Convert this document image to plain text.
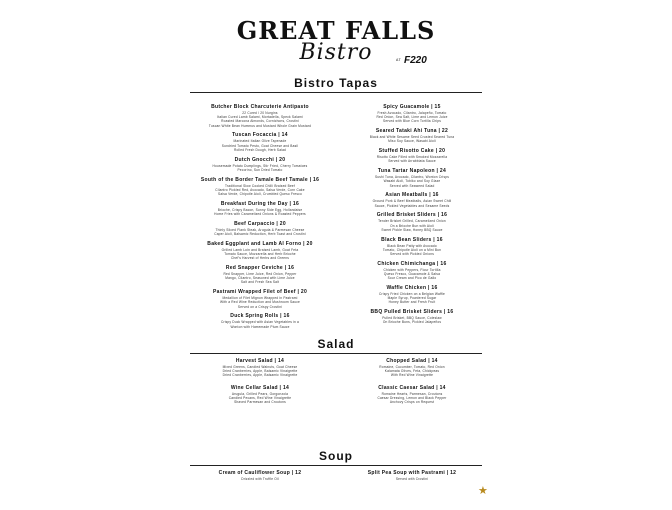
GREAT FALLS
Bistro	AT F220
Bistro Tapas
Butcher Block Charcuterie Antipasto
22 Cured / 20 Nurgins
Italian Cured Lamb Salami, Mortadella, Speck Salami
Roasted Marcona Almonds, Cornichons, Crostini
Tuscan White Bean Hummus and Mustard Whole Grain Mustard
Tuscan Focaccia | 14
Marinated Italian Olive Tapenade
Sundried Tomato Pesto, Goat Cheese and Basil
Rolled Fresh Dough, Herb Salad
Dutch Gnocchi | 20
Housemade Potato Dumplings, Stir Fried, Cherry Tomatoes
Pecorino, Sun Dried Tomato
South of the Border Tamale Beef Tamale | 16
Traditional Slow Cooked Chilli Braised Beef
Cilantro Pickled Red, Avocado, Salsa Verde, Corn Cake
Salsa Verde, Chipotle Aioli, Crumbled Queso Fresco
Breakfast During the Day | 16
Brioche, Crispy Bacon, Sunny Side Egg, Hollandaise
Home Fries with Caramelized Onions & Roasted Peppers
Beef Carpaccio | 20
Thinly Sliced Flank Steak, Arugula & Parmesan Cheese
Caper Aioli, Balsamic Reduction, Herb Toast and Crostini
Baked Eggplant and Lamb Al Forno | 20
Grilled Lamb Loin and Braised Lamb, Goat Feta
Tomato Sauce, Mozzarella and Herb Brioche
Chef's Harvest of Herbs and Greens
Red Snapper Ceviche | 16
Red Snapper, Lime Juice, Red Onion, Pepper
Mango, Cilantro, Seasoned with Lime Juice
Salt and Fresh Sea Salt
Pastrami Wrapped Filet of Beef | 20
Medallion of Filet Mignon Wrapped in Pastrami
With a Red Wine Reduction and Mushroom Sauce
Served on a Crispy Crostini
Duck Spring Rolls | 16
Crispy Duck Wrapped with Asian Vegetables in a
Wonton with Homemade Plum Sauce
Spicy Guacamole | 15
Fresh Avocado, Cilantro, Jalapeño, Tomato
Red Onion, Sea Salt, Lime and Lemon Juice
Served with Blue Corn Tortilla Chips
Seared Tataki Ahi Tuna | 22
Black and White Sesame Seed Crusted Seared Tuna
Miso Soy Sauce, Wasabi Aioli
Stuffed Risotto Cake | 20
Risotto Cake Filled with Smoked Mozzarella
Served with Arrabbiata Sauce
Tuna Tartar Napoleon | 24
Sushi Tuna, Avocado, Cilantro, Wonton Crisps
Wasabi Aioli, Tobiko and Soy Glaze
Served with Seaweed Salad
Asian Meatballs | 16
Ground Pork & Beef Meatballs, Asian Sweet Chili
Sauce, Pickled Vegetables and Sesame Seeds
Grilled Brisket Sliders | 16
Tender Brisket Grilled, Caramelized Onion
On a Brioche Bun with Aioli
Sweet Pickle Slaw, Honey BBQ Sauce
Black Bean Sliders | 16
Black Bean Patty with Avocado
Tomato, Chipotle Aioli on a Mini Bun
Served with Pickled Onions
Chicken Chimichanga | 16
Chicken with Peppers, Flour Tortilla
Queso Fresco, Guacamole & Salsa
Sour Cream and Pico de Gallo
Waffle Chicken | 16
Crispy Fried Chicken on a Belgian Waffle
Maple Syrup, Powdered Sugar
Honey Butter and Fresh Fruit
BBQ Pulled Brisket Sliders | 16
Pulled Brisket, BBQ Sauce, Coleslaw
On Brioche Buns, Pickled Jalapeños
Salad
Harvest Salad | 14
Mixed Greens, Candied Walnuts, Goat Cheese
Dried Cranberries, Apple, Balsamic Vinaigrette
Dried Cranberries, Apple, Balsamic Vinaigrette
Wine Cellar Salad | 14
Arugula, Grilled Pears, Gorgonzola
Candied Pecans, Red Wine Vinaigrette
Shaved Parmesan and Croutons
Chopped Salad | 14
Romaine, Cucumber, Tomato, Red Onion
Kalamata Olives, Feta, Chickpeas
With Red Wine Vinaigrette
Classic Caesar Salad | 14
Romaine Hearts, Parmesan, Croutons
Caesar Dressing, Lemon and Black Pepper
Anchovy Crisps on Request
Soup
Cream of Cauliflower Soup | 12
Drizzled with Truffle Oil
Split Pea Soup with Pastrami | 12
Served with Crostini
★
